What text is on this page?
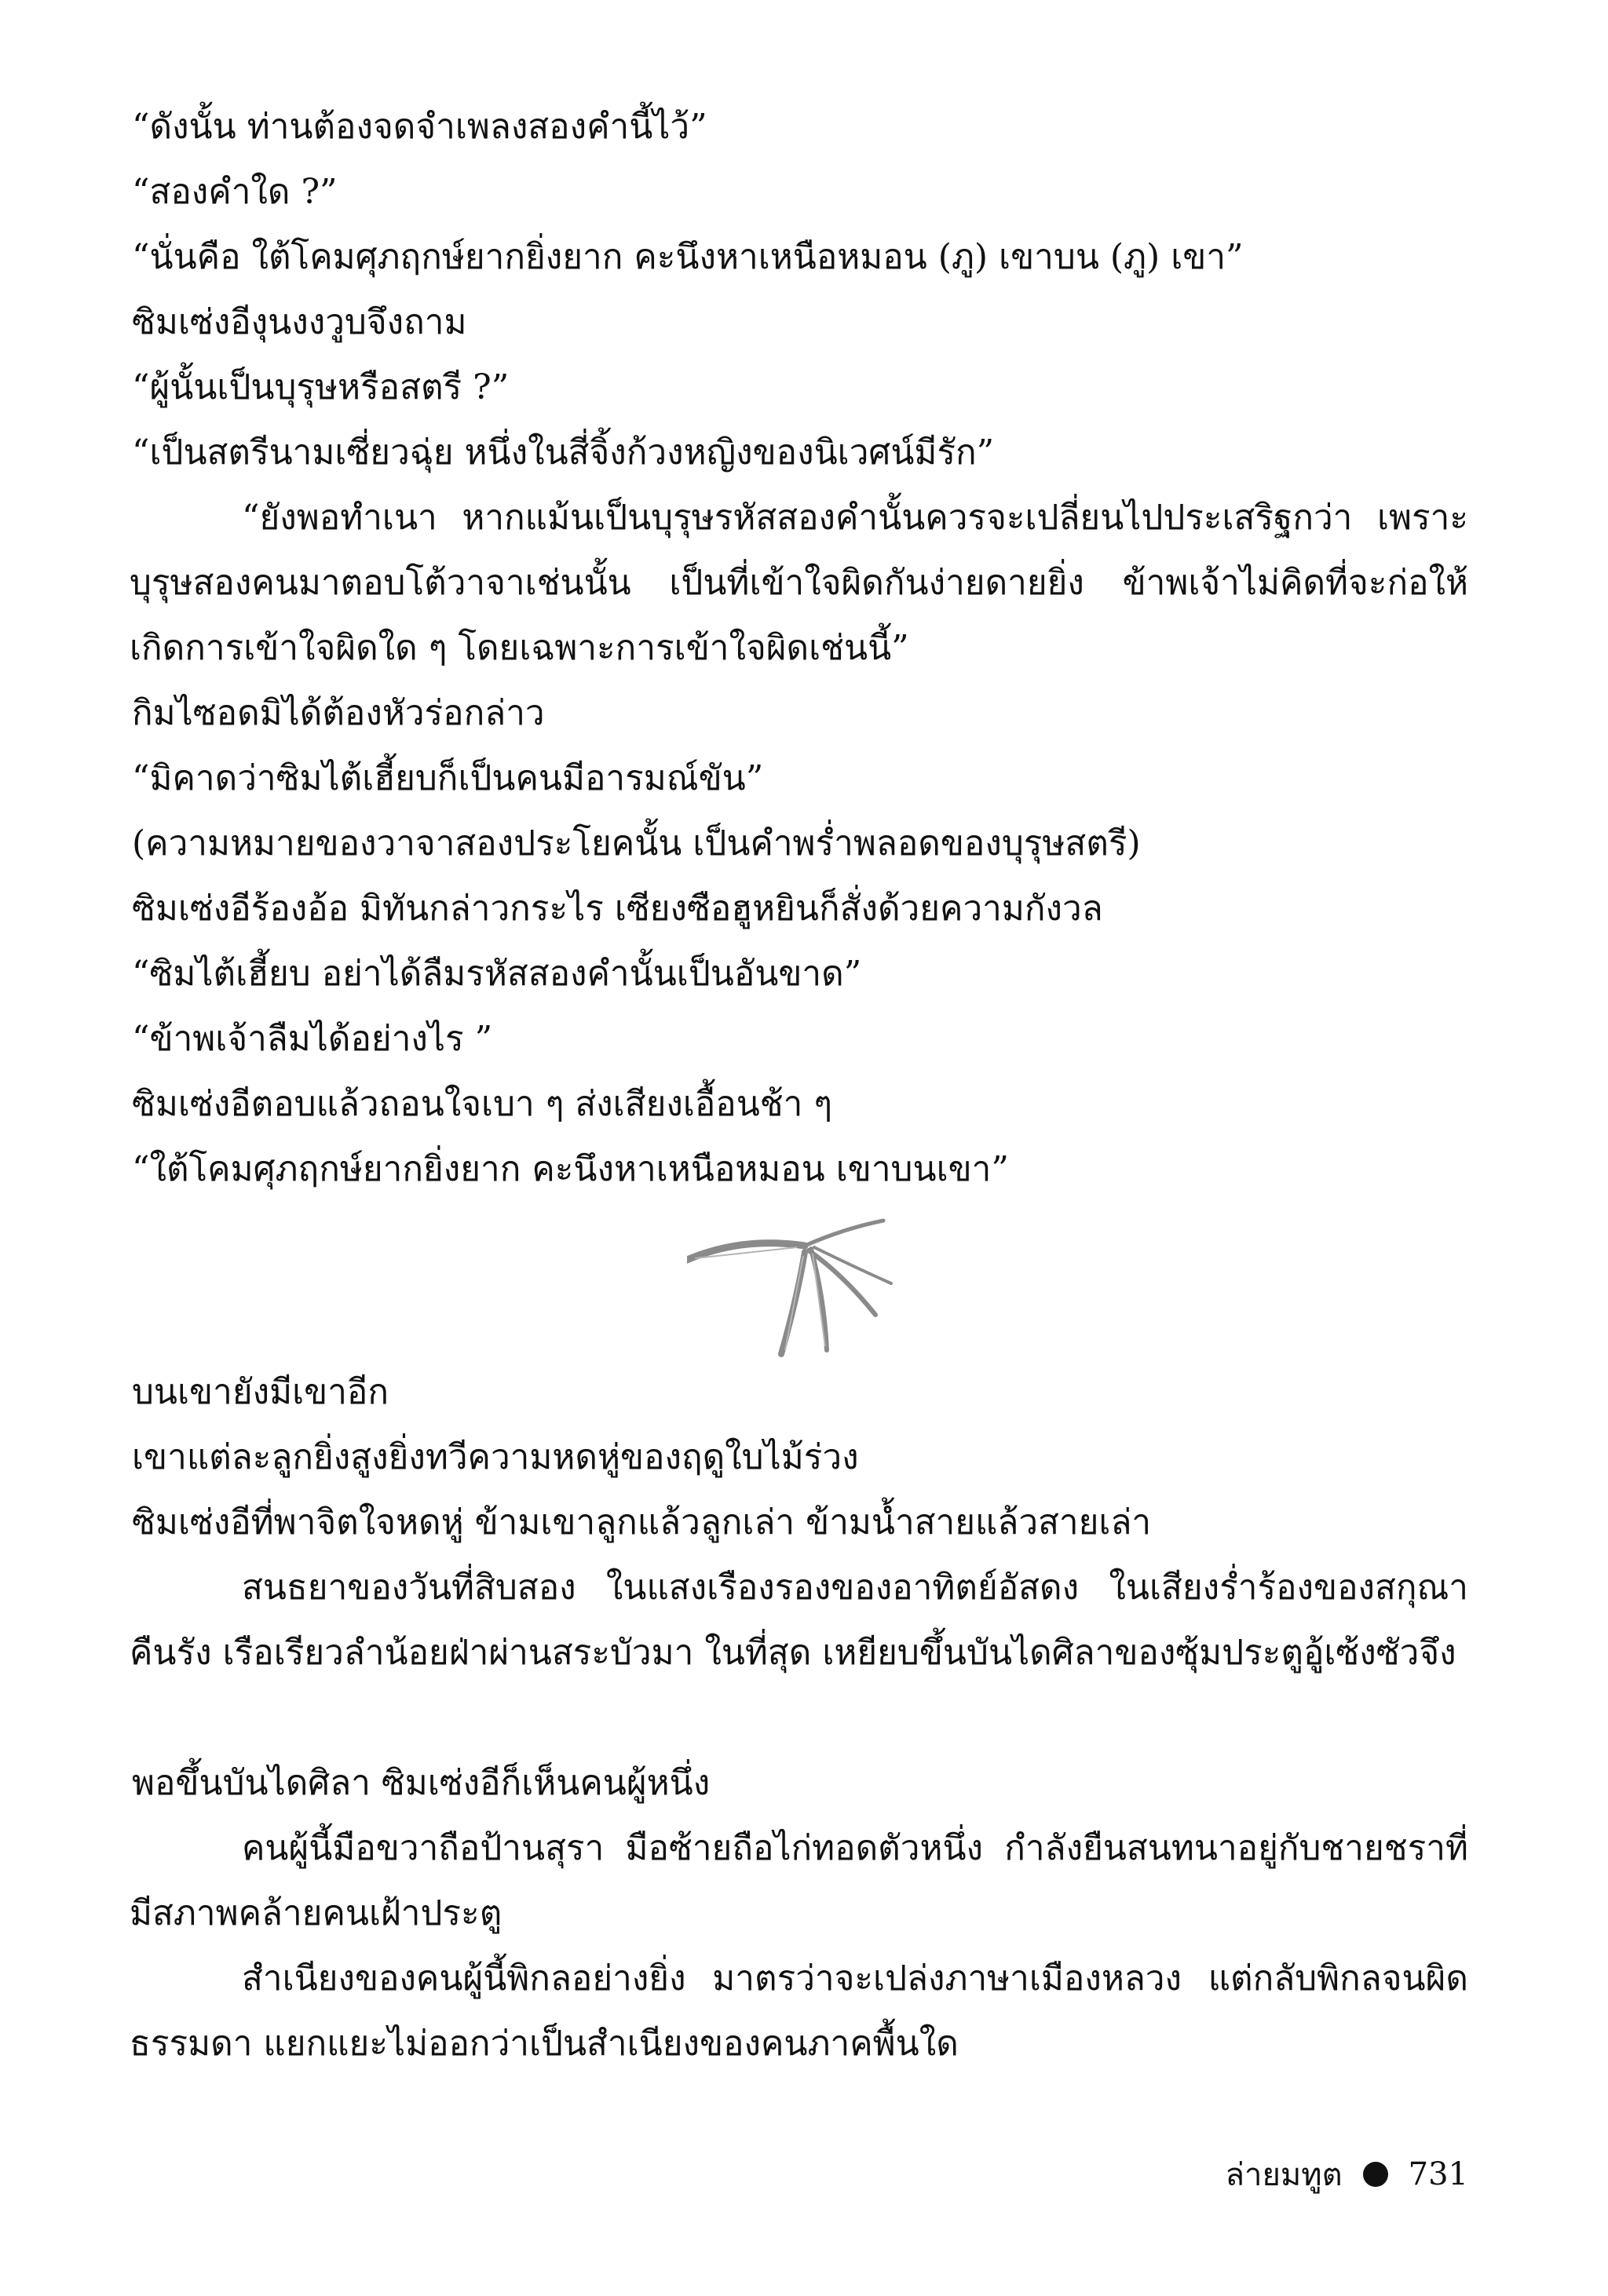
“ดังนั้น ท่านต้องจดจำเพลงสองคำนี้ไว้”

“สองคำใด ?”

“นั่นคือ ใต้โคมศุภฤกษ์ยากยิ่งยาก คะนึงหาเหนือหมอน (ภู) เขาบน (ภู) เขา”

ซิมเซ่งอีงุนงงวูบจึงถาม

“ผู้นั้นเป็นบุรุษหรือสตรี ?”

“เป็นสตรีนามเซี่ยวฉุ่ย หนึ่งในสี่จิ้งก้วงหญิงของนิเวศน์มีรัก”

“ยังพอทำเนา หากแม้นเป็นบุรุษรหัสสองคำนั้นควรจะเปลี่ยนไปประเสริฐกว่า เพราะบุรุษสองคนมาตอบโต้วาจาเช่นนั้น เป็นที่เข้าใจผิดกันง่ายดายยิ่ง ข้าพเจ้าไม่คิดที่จะก่อให้เกิดการเข้าใจผิดใด ๆ โดยเฉพาะการเข้าใจผิดเช่นนี้”

กิมไซอดมิได้ต้องหัวร่อกล่าว

“มิคาดว่าซิมไต้เฮี้ยบก็เป็นคนมีอารมณ์ขัน”

(ความหมายของวาจาสองประโยคนั้น เป็นคำพร่ำพลอดของบุรุษสตรี)

ซิมเซ่งอีร้องอ้อ มิทันกล่าวกระไร เซียงซือฮูหยินก็สั่งด้วยความกังวล

“ซิมไต้เฮี้ยบ อย่าได้ลืมรหัสสองคำนั้นเป็นอันขาด”

“ข้าพเจ้าลืมได้อย่างไร ”

ซิมเซ่งอีตอบแล้วถอนใจเบา ๆ ส่งเสียงเอื้อนช้า ๆ

“ใต้โคมศุภฤกษ์ยากยิ่งยาก คะนึงหาเหนือหมอน เขาบนเขา”

บนเขายังมีเขาอีก

เขาแต่ละลูกยิ่งสูงยิ่งทวีความหดหู่ของฤดูใบไม้ร่วง

ซิมเซ่งอีที่พาจิตใจหดหู่ ข้ามเขาลูกแล้วลูกเล่า ข้ามน้ำสายแล้วสายเล่า

สนธยาของวันที่สิบสอง ในแสงเรืองรองของอาทิตย์อัสดง ในเสียงร่ำร้องของสกุณาคืนรัง เรือเรียวลำน้อยฝ่าผ่านสระบัวมา ในที่สุด เหยียบขึ้นบันไดศิลาของซุ้มประตูอู้เซ้งซัวจึง

พอขึ้นบันไดศิลา ซิมเซ่งอีก็เห็นคนผู้หนึ่ง

คนผู้นี้มือขวาถือป้านสุรา มือซ้ายถือไก่ทอดตัวหนึ่ง กำลังยืนสนทนาอยู่กับชายชราที่มีสภาพคล้ายคนเฝ้าประตู

สำเนียงของคนผู้นี้พิกลอย่างยิ่ง มาตรว่าจะเปล่งภาษาเมืองหลวง แต่กลับพิกลจนผิดธรรมดา แยกแยะไม่ออกว่าเป็นสำเนียงของคนภาคพื้นใด

ล่ายมทูต 731
